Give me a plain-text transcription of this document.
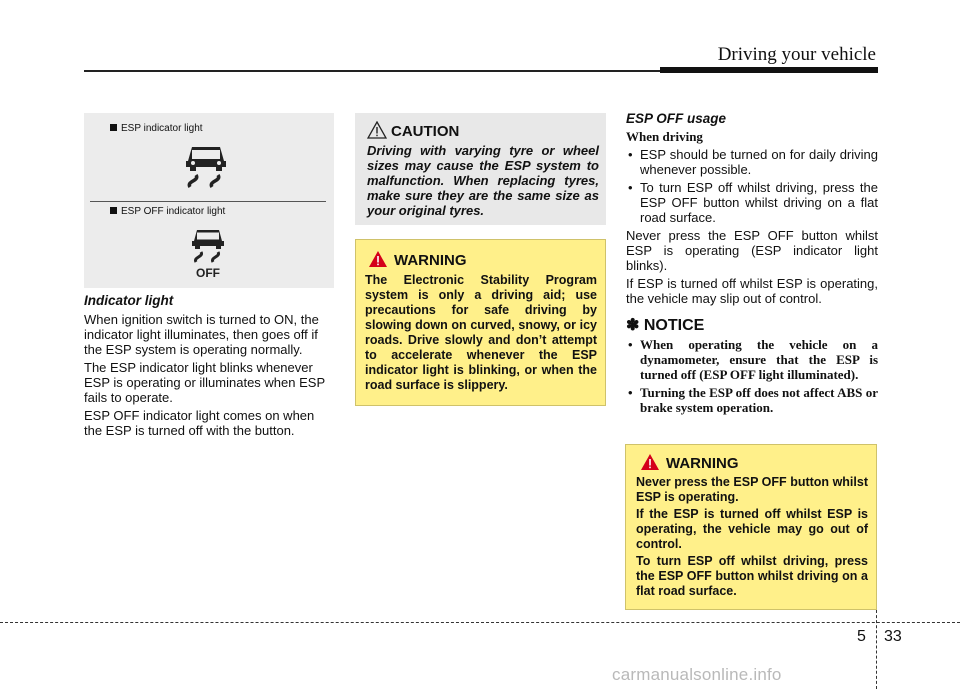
Driving your vehicle
ESP indicator light
ESP OFF indicator light
OFF
Indicator light

When ignition switch is turned to ON, the indicator light illuminates, then goes off if the ESP system is operating normally.

The ESP indicator light blinks whenever ESP is operating or illuminates when ESP fails to operate.

ESP OFF indicator light comes on when the ESP is turned off with the button.

CAUTION
Driving with varying tyre or wheel sizes may cause the ESP system to malfunction. When replacing tyres, make sure they are the same size as your original tyres.
WARNING
The Electronic Stability Program system is only a driving aid; use precautions for safe driving by slowing down on curved, snowy, or icy roads. Drive slowly and don’t attempt to accelerate whenever the ESP indicator light is blinking, or when the road surface is slippery.
ESP OFF usage
When driving
• ESP should be turned on for daily driving whenever possible.
• To turn ESP off whilst driving, press the ESP OFF button whilst driving on a flat road surface.

Never press the ESP OFF button whilst ESP is operating (ESP indicator light blinks).

If ESP is turned off whilst ESP is operating, the vehicle may slip out of control.

✽ NOTICE
• When operating the vehicle on a dynamometer, ensure that the ESP is turned off (ESP OFF light illuminated).
• Turning the ESP off does not affect ABS or brake system operation.
WARNING

Never press the ESP OFF button whilst ESP is operating.

If the ESP is turned off whilst ESP is operating, the vehicle may go out of control.

To turn ESP off whilst driving, press the ESP OFF button whilst driving on a flat road surface.

5 33
carmanualsonline.info
